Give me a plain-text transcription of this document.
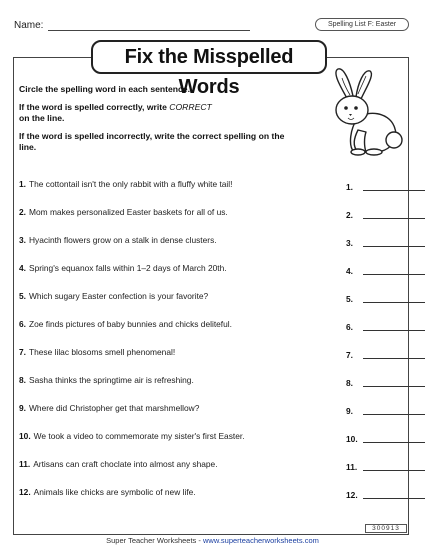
Name:	Spelling List F: Easter
Fix the Misspelled Words

Circle the spelling word in each sentence.

If the word is spelled correctly, write CORRECT
on the line.

If the word is spelled incorrectly, write the correct spelling on the line.

1. The cottontail isn't the only rabbit with a fluffy white tail!	1.
2. Mom makes personalized Easter baskets for all of us.	2.
3. Hyacinth flowers grow on a stalk in dense clusters.	3.
4. Spring's equanox falls within 1–2 days of March 20th.	4.
5. Which sugary Easter confection is your favorite?	5.
6. Zoe finds pictures of baby bunnies and chicks deliteful.	6.
7. These lilac blosoms smell phenomenal!	7.
8. Sasha thinks the springtime air is refreshing.	8.
9. Where did Christopher get that marshmellow?	9.
10. We took a video to commemorate my sister's first Easter.	10.
11. Artisans can craft choclate into almost any shape.	11.
12. Animals like chicks are symbolic of new life.	12.
300913
Super Teacher Worksheets - www.superteacherworksheets.com
